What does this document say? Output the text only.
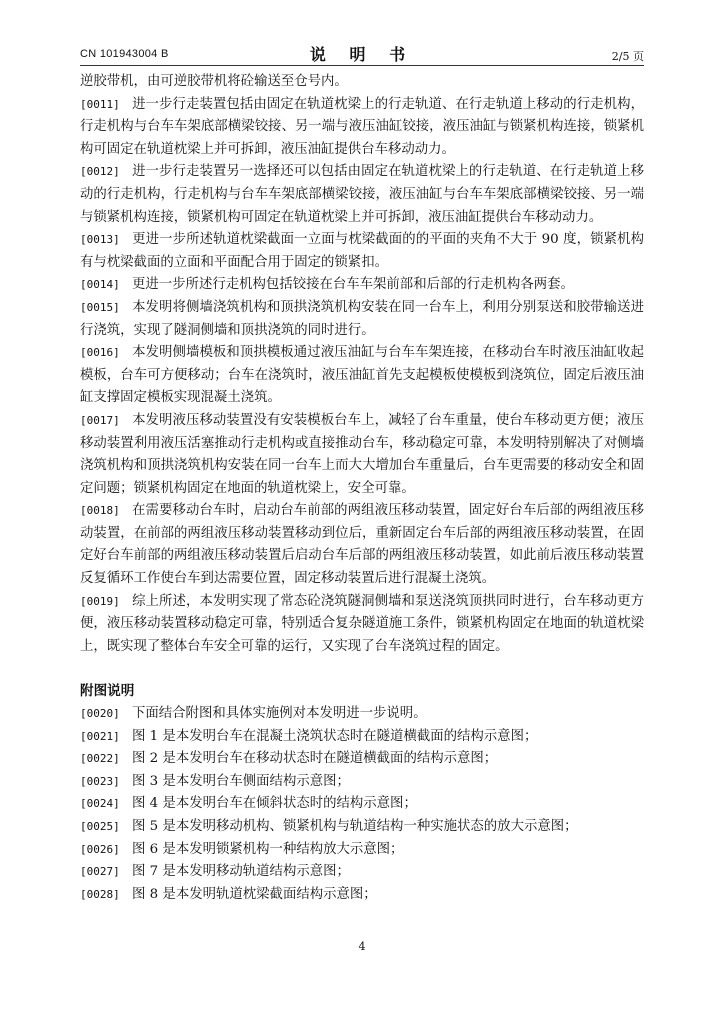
CN 101943004 B	说 明 书	2/5 页

逆胶带机，由可逆胶带机将砼输送至仓号内。

[0011] 进一步行走装置包括由固定在轨道枕梁上的行走轨道、在行走轨道上移动的行走机构，行走机构与台车车架底部横梁铰接、另一端与液压油缸铰接，液压油缸与锁紧机构连接，锁紧机构可固定在轨道枕梁上并可拆卸，液压油缸提供台车移动动力。

[0012] 进一步行走装置另一选择还可以包括由固定在轨道枕梁上的行走轨道、在行走轨道上移动的行走机构，行走机构与台车车架底部横梁铰接，液压油缸与台车车架底部横梁铰接、另一端与锁紧机构连接，锁紧机构可固定在轨道枕梁上并可拆卸，液压油缸提供台车移动动力。

[0013] 更进一步所述轨道枕梁截面一立面与枕梁截面的的平面的夹角不大于 90 度，锁紧机构有与枕梁截面的立面和平面配合用于固定的锁紧扣。

[0014] 更进一步所述行走机构包括铰接在台车车架前部和后部的行走机构各两套。

[0015] 本发明将侧墙浇筑机构和顶拱浇筑机构安装在同一台车上，利用分别泵送和胶带输送进行浇筑，实现了隧洞侧墙和顶拱浇筑的同时进行。

[0016] 本发明侧墙模板和顶拱模板通过液压油缸与台车车架连接，在移动台车时液压油缸收起模板，台车可方便移动；台车在浇筑时，液压油缸首先支起模板使模板到浇筑位，固定后液压油缸支撑固定模板实现混凝土浇筑。

[0017] 本发明液压移动装置没有安装模板台车上，减轻了台车重量，使台车移动更方便；液压移动装置利用液压活塞推动行走机构或直接推动台车，移动稳定可靠，本发明特别解决了对侧墙浇筑机构和顶拱浇筑机构安装在同一台车上而大大增加台车重量后，台车更需要的移动安全和固定问题；锁紧机构固定在地面的轨道枕梁上，安全可靠。

[0018] 在需要移动台车时，启动台车前部的两组液压移动装置，固定好台车后部的两组液压移动装置，在前部的两组液压移动装置移动到位后，重新固定台车后部的两组液压移动装置，在固定好台车前部的两组液压移动装置后启动台车后部的两组液压移动装置，如此前后液压移动装置反复循环工作使台车到达需要位置，固定移动装置后进行混凝土浇筑。

[0019] 综上所述，本发明实现了常态砼浇筑隧洞侧墙和泵送浇筑顶拱同时进行，台车移动更方便，液压移动装置移动稳定可靠，特别适合复杂隧道施工条件，锁紧机构固定在地面的轨道枕梁上，既实现了整体台车安全可靠的运行，又实现了台车浇筑过程的固定。

附图说明

[0020] 下面结合附图和具体实施例对本发明进一步说明。

[0021] 图 1 是本发明台车在混凝土浇筑状态时在隧道横截面的结构示意图；

[0022] 图 2 是本发明台车在移动状态时在隧道横截面的结构示意图；

[0023] 图 3 是本发明台车侧面结构示意图；

[0024] 图 4 是本发明台车在倾斜状态时的结构示意图；

[0025] 图 5 是本发明移动机构、锁紧机构与轨道结构一种实施状态的放大示意图；

[0026] 图 6 是本发明锁紧机构一种结构放大示意图；

[0027] 图 7 是本发明移动轨道结构示意图；

[0028] 图 8 是本发明轨道枕梁截面结构示意图；

4
